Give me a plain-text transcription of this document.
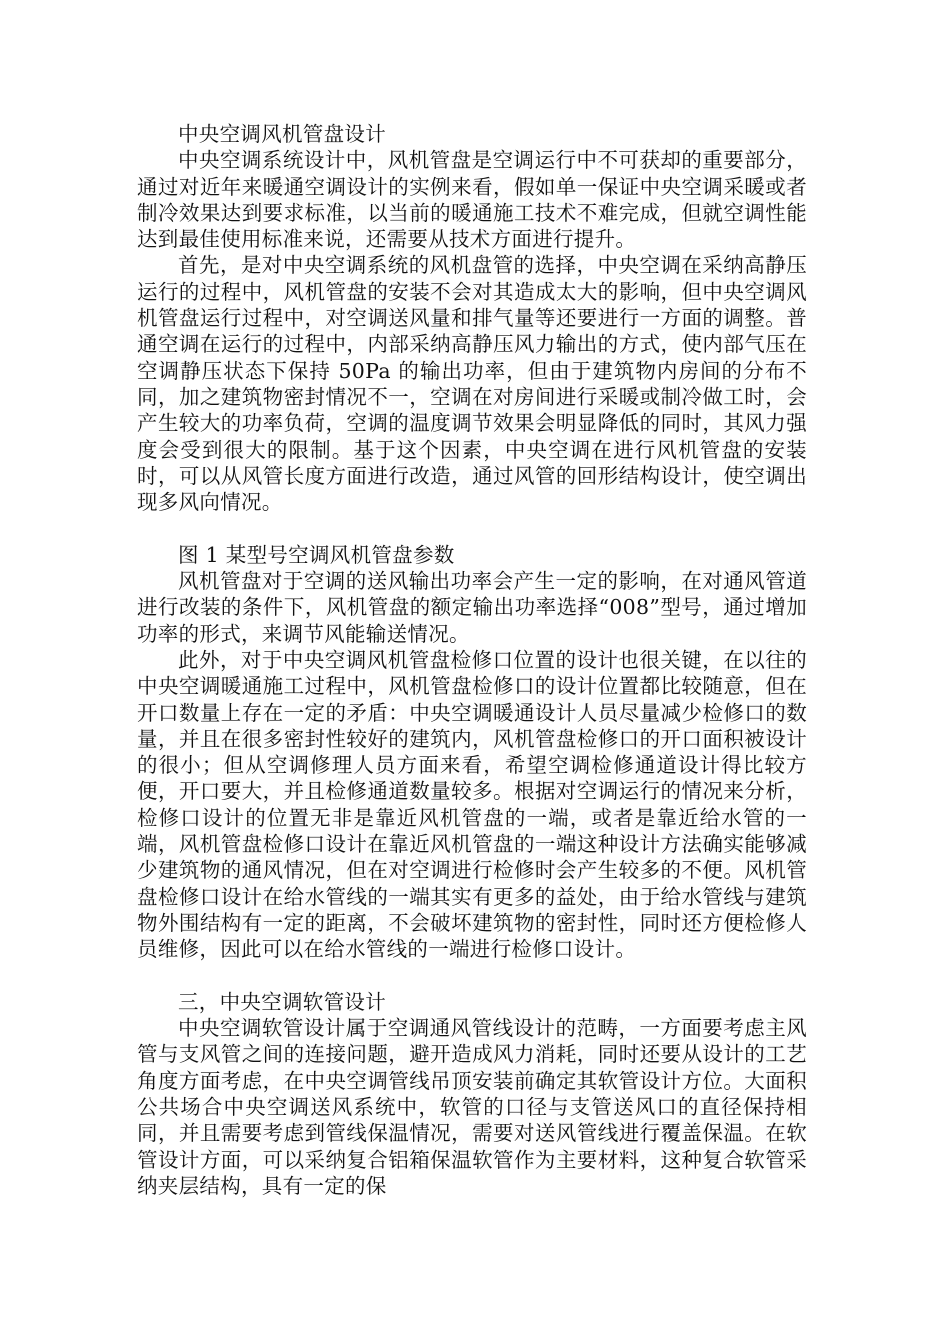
中央空调风机管盘设计

中央空调系统设计中，风机管盘是空调运行中不可获却的重要部分，通过对近年来暖通空调设计的实例来看，假如单一保证中央空调采暖或者制冷效果达到要求标准，以当前的暖通施工技术不难完成，但就空调性能达到最佳使用标准来说，还需要从技术方面进行提升。

首先，是对中央空调系统的风机盘管的选择，中央空调在采纳高静压运行的过程中，风机管盘的安装不会对其造成太大的影响，但中央空调风机管盘运行过程中，对空调送风量和排气量等还要进行一方面的调整。普通空调在运行的过程中，内部采纳高静压风力输出的方式，使内部气压在空调静压状态下保持 50Pa 的输出功率，但由于建筑物内房间的分布不同，加之建筑物密封情况不一，空调在对房间进行采暖或制冷做工时，会产生较大的功率负荷，空调的温度调节效果会明显降低的同时，其风力强度会受到很大的限制。基于这个因素，中央空调在进行风机管盘的安装时，可以从风管长度方面进行改造，通过风管的回形结构设计，使空调出现多风向情况。

图 1 某型号空调风机管盘参数

风机管盘对于空调的送风输出功率会产生一定的影响，在对通风管道进行改装的条件下，风机管盘的额定输出功率选择“008”型号，通过增加功率的形式，来调节风能输送情况。

此外，对于中央空调风机管盘检修口位置的设计也很关键，在以往的中央空调暖通施工过程中，风机管盘检修口的设计位置都比较随意，但在开口数量上存在一定的矛盾：中央空调暖通设计人员尽量减少检修口的数量，并且在很多密封性较好的建筑内，风机管盘检修口的开口面积被设计的很小；但从空调修理人员方面来看，希望空调检修通道设计得比较方便，开口要大，并且检修通道数量较多。根据对空调运行的情况来分析，检修口设计的位置无非是靠近风机管盘的一端，或者是靠近给水管的一端，风机管盘检修口设计在靠近风机管盘的一端这种设计方法确实能够减少建筑物的通风情况，但在对空调进行检修时会产生较多的不便。风机管盘检修口设计在给水管线的一端其实有更多的益处，由于给水管线与建筑物外围结构有一定的距离，不会破坏建筑物的密封性，同时还方便检修人员维修，因此可以在给水管线的一端进行检修口设计。

三，中央空调软管设计

中央空调软管设计属于空调通风管线设计的范畴，一方面要考虑主风管与支风管之间的连接问题，避开造成风力消耗，同时还要从设计的工艺角度方面考虑，在中央空调管线吊顶安装前确定其软管设计方位。大面积公共场合中央空调送风系统中，软管的口径与支管送风口的直径保持相同，并且需要考虑到管线保温情况，需要对送风管线进行覆盖保温。在软管设计方面，可以采纳复合铝箱保温软管作为主要材料，这种复合软管采纳夹层结构，具有一定的保
